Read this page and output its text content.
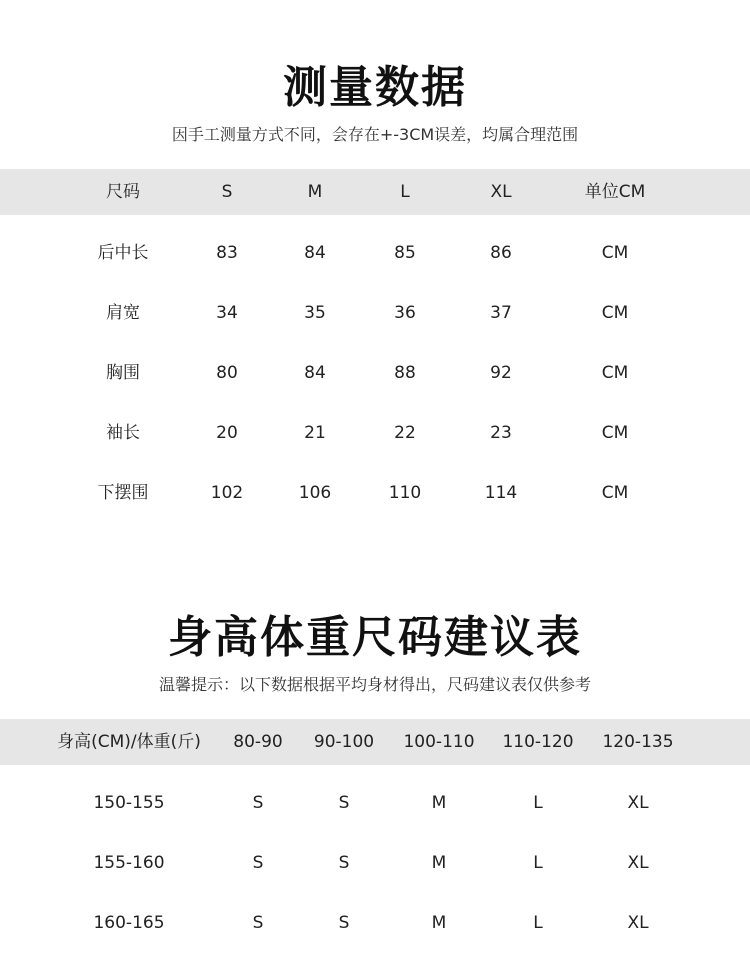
测量数据
因手工测量方式不同，会存在+-3CM误差，均属合理范围
尺码	S	M	L	XL	单位CM
后中长	83	84	85	86	CM
肩宽	34	35	36	37	CM
胸围	80	84	88	92	CM
袖长	20	21	22	23	CM
下摆围	102	106	110	114	CM
身高体重尺码建议表
温馨提示：以下数据根据平均身材得出，尺码建议表仅供参考
身高(CM)/体重(斤) 80-90 90-100 100-110 110-120 120-135
150-155	S	S	M	L	XL
155-160	S	S	M	L	XL
160-165	S	S	M	L	XL
